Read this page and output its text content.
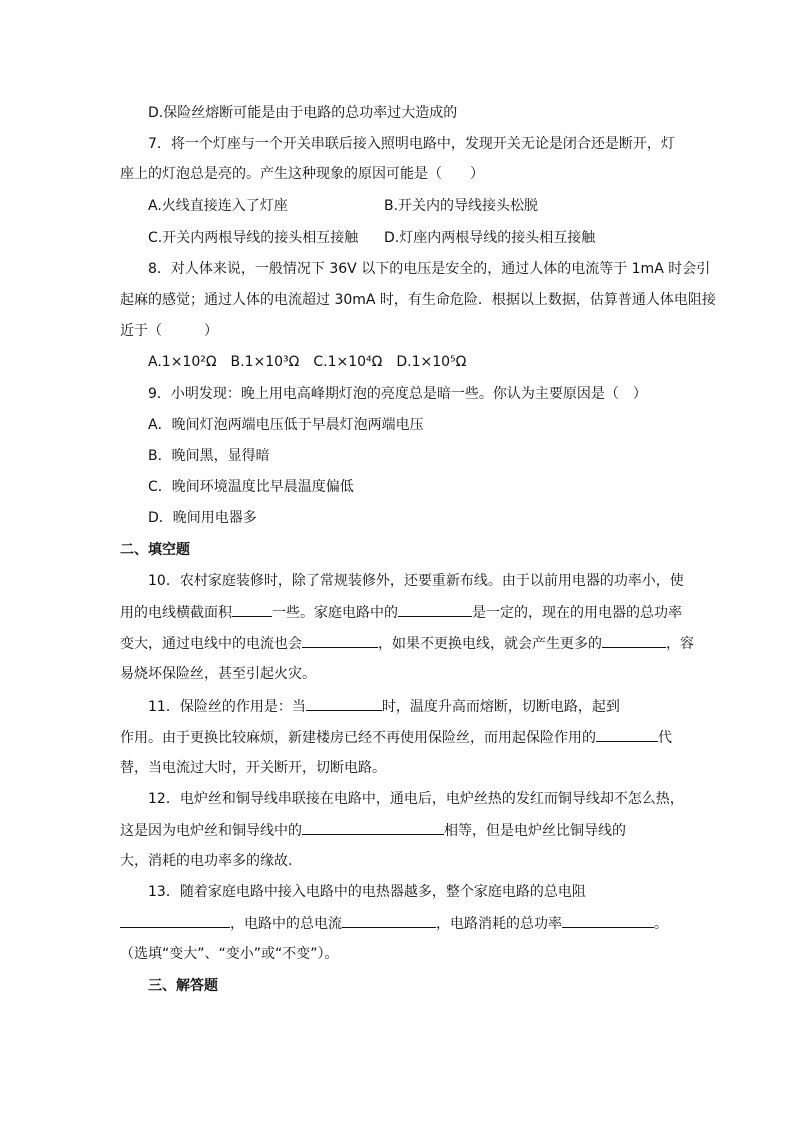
D.保险丝熔断可能是由于电路的总功率过大造成的
7．将一个灯座与一个开关串联后接入照明电路中，发现开关无论是闭合还是断开，灯
座上的灯泡总是亮的。产生这种现象的原因可能是（　　）
A.火线直接连入了灯座	B.开关内的导线接头松脱
C.开关内两根导线的接头相互接触 D.灯座内两根导线的接头相互接触
8．对人体来说，一般情况下 36V 以下的电压是安全的，通过人体的电流等于 1mA 时会引
起麻的感觉；通过人体的电流超过 30mA 时，有生命危险．根据以上数据，估算普通人体电阻接
近于（　　　）
A.1×10²Ω　B.1×10³Ω　C.1×10⁴Ω　D.1×10⁵Ω
9．小明发现：晚上用电高峰期灯泡的亮度总是暗一些。你认为主要原因是（　）
A．晚间灯泡两端电压低于早晨灯泡两端电压
B．晚间黑，显得暗
C．晚间环境温度比早晨温度偏低
D．晚间用电器多
二、填空题
10．农村家庭装修时，除了常规装修外，还要重新布线。由于以前用电器的功率小，使
用的电线横截面积	一些。家庭电路中的	是一定的，现在的用电器的总功率
变大，通过电线中的电流也会	，如果不更换电线，就会产生更多的	，容
易烧坏保险丝，甚至引起火灾。
11．保险丝的作用是：当	时，温度升高而熔断，切断电路，起到
作用。由于更换比较麻烦，新建楼房已经不再使用保险丝，而用起保险作用的	代
替，当电流过大时，开关断开，切断电路。
12．电炉丝和铜导线串联接在电路中，通电后，电炉丝热的发红而铜导线却不怎么热，
这是因为电炉丝和铜导线中的	相等，但是电炉丝比铜导线的
大，消耗的电功率多的缘故.
13．随着家庭电路中接入电路中的电热器越多，整个家庭电路的总电阻
，电路中的总电流	，电路消耗的总功率	。
（选填“变大”、“变小”或“不变”）。
三、解答题
